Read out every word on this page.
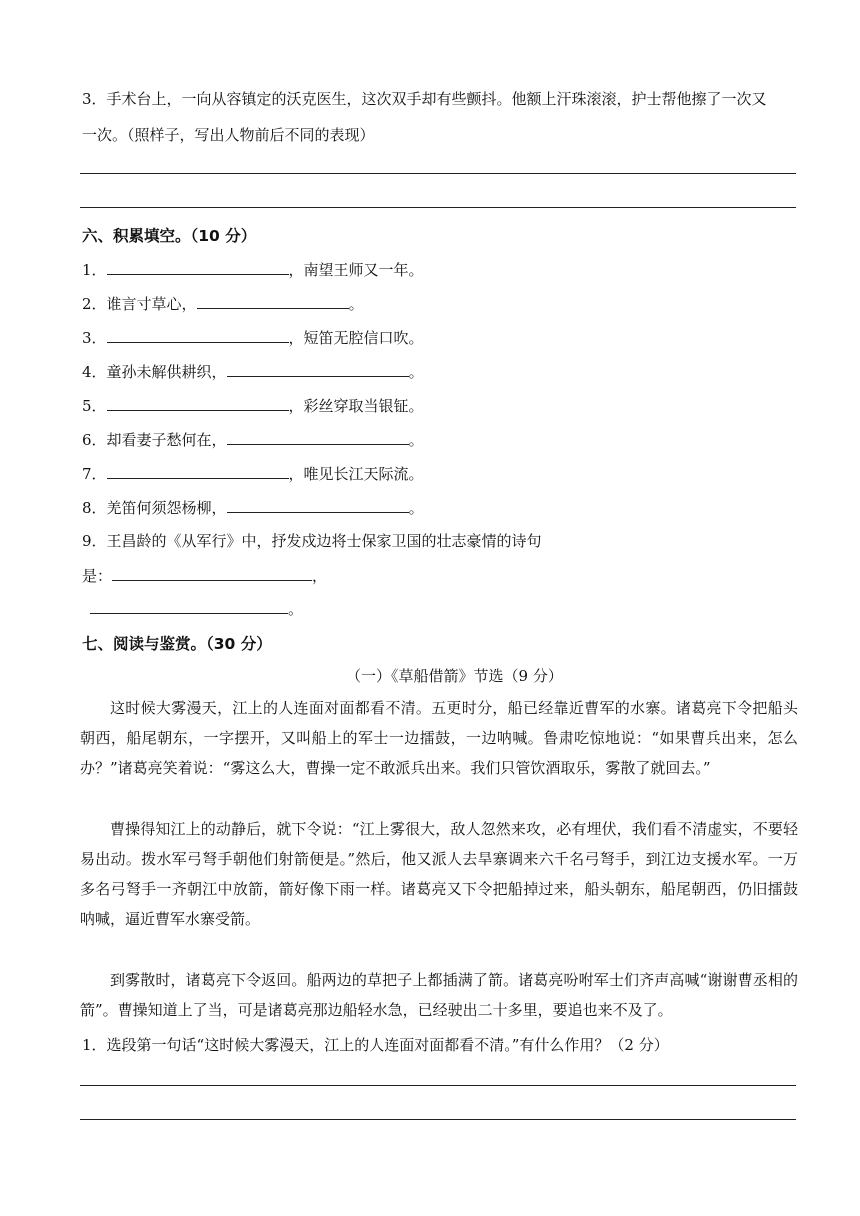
3．手术台上，一向从容镇定的沃克医生，这次双手却有些颤抖。他额上汗珠滚滚，护士帮他擦了一次又
一次。（照样子，写出人物前后不同的表现）
六、积累填空。（10 分）
1．	，南望王师又一年。
2．谁言寸草心，	。
3．	，短笛无腔信口吹。
4．童孙未解供耕织，	。
5．	，彩丝穿取当银钲。
6．却看妻子愁何在，	。
7．	，唯见长江天际流。
8．羌笛何须怨杨柳，	。
9．王昌龄的《从军行》中，抒发戍边将士保家卫国的壮志豪情的诗句
是：	，
。
七、阅读与鉴赏。（30 分）
（一）《草船借箭》节选（9 分）
这时候大雾漫天，江上的人连面对面都看不清。五更时分，船已经靠近曹军的水寨。诸葛亮下令把船头朝西，船尾朝东，一字摆开，又叫船上的军士一边擂鼓，一边呐喊。鲁肃吃惊地说：“如果曹兵出来，怎么办？”诸葛亮笑着说：“雾这么大，曹操一定不敢派兵出来。我们只管饮酒取乐，雾散了就回去。”
曹操得知江上的动静后，就下令说：“江上雾很大，敌人忽然来攻，必有埋伏，我们看不清虚实，不要轻易出动。拨水军弓弩手朝他们射箭便是。”然后，他又派人去旱寨调来六千名弓弩手，到江边支援水军。一万多名弓弩手一齐朝江中放箭，箭好像下雨一样。诸葛亮又下令把船掉过来，船头朝东，船尾朝西，仍旧擂鼓呐喊，逼近曹军水寨受箭。
到雾散时，诸葛亮下令返回。船两边的草把子上都插满了箭。诸葛亮吩咐军士们齐声高喊“谢谢曹丞相的箭”。曹操知道上了当，可是诸葛亮那边船轻水急，已经驶出二十多里，要追也来不及了。
1．选段第一句话“这时候大雾漫天，江上的人连面对面都看不清。”有什么作用？（2 分）
